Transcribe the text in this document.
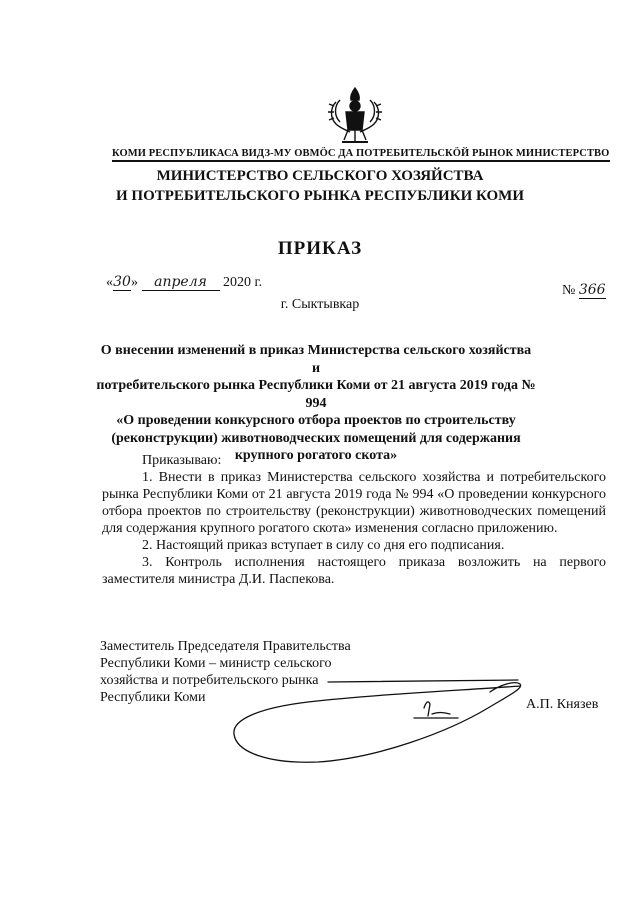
КОМИ РЕСПУБЛИКАСА ВИДЗ-МУ ОВМÖС ДА ПОТРЕБИТЕЛЬСКÖЙ РЫНОК МИНИСТЕРСТВО
МИНИСТЕРСТВО СЕЛЬСКОГО ХОЗЯЙСТВА
И ПОТРЕБИТЕЛЬСКОГО РЫНКА РЕСПУБЛИКИ КОМИ
ПРИКАЗ
«30» апреля 2020 г.
№ 366
г. Сыктывкар
О внесении изменений в приказ Министерства сельского хозяйства и
потребительского рынка Республики Коми от 21 августа 2019 года № 994
«О проведении конкурсного отбора проектов по строительству
(реконструкции) животноводческих помещений для содержания
крупного рогатого скота»

Приказываю:

1. Внести в приказ Министерства сельского хозяйства и потребительского рынка Республики Коми от 21 августа 2019 года № 994 «О проведении конкурсного отбора проектов по строительству (реконструкции) животноводческих помещений для содержания крупного рогатого скота» изменения согласно приложению.

2. Настоящий приказ вступает в силу со дня его подписания.

3. Контроль исполнения настоящего приказа возложить на первого заместителя министра Д.И. Паспекова.

Заместитель Председателя Правительства
Республики Коми – министр сельского
хозяйства и потребительского рынка
Республики Коми	А.П. Князев
